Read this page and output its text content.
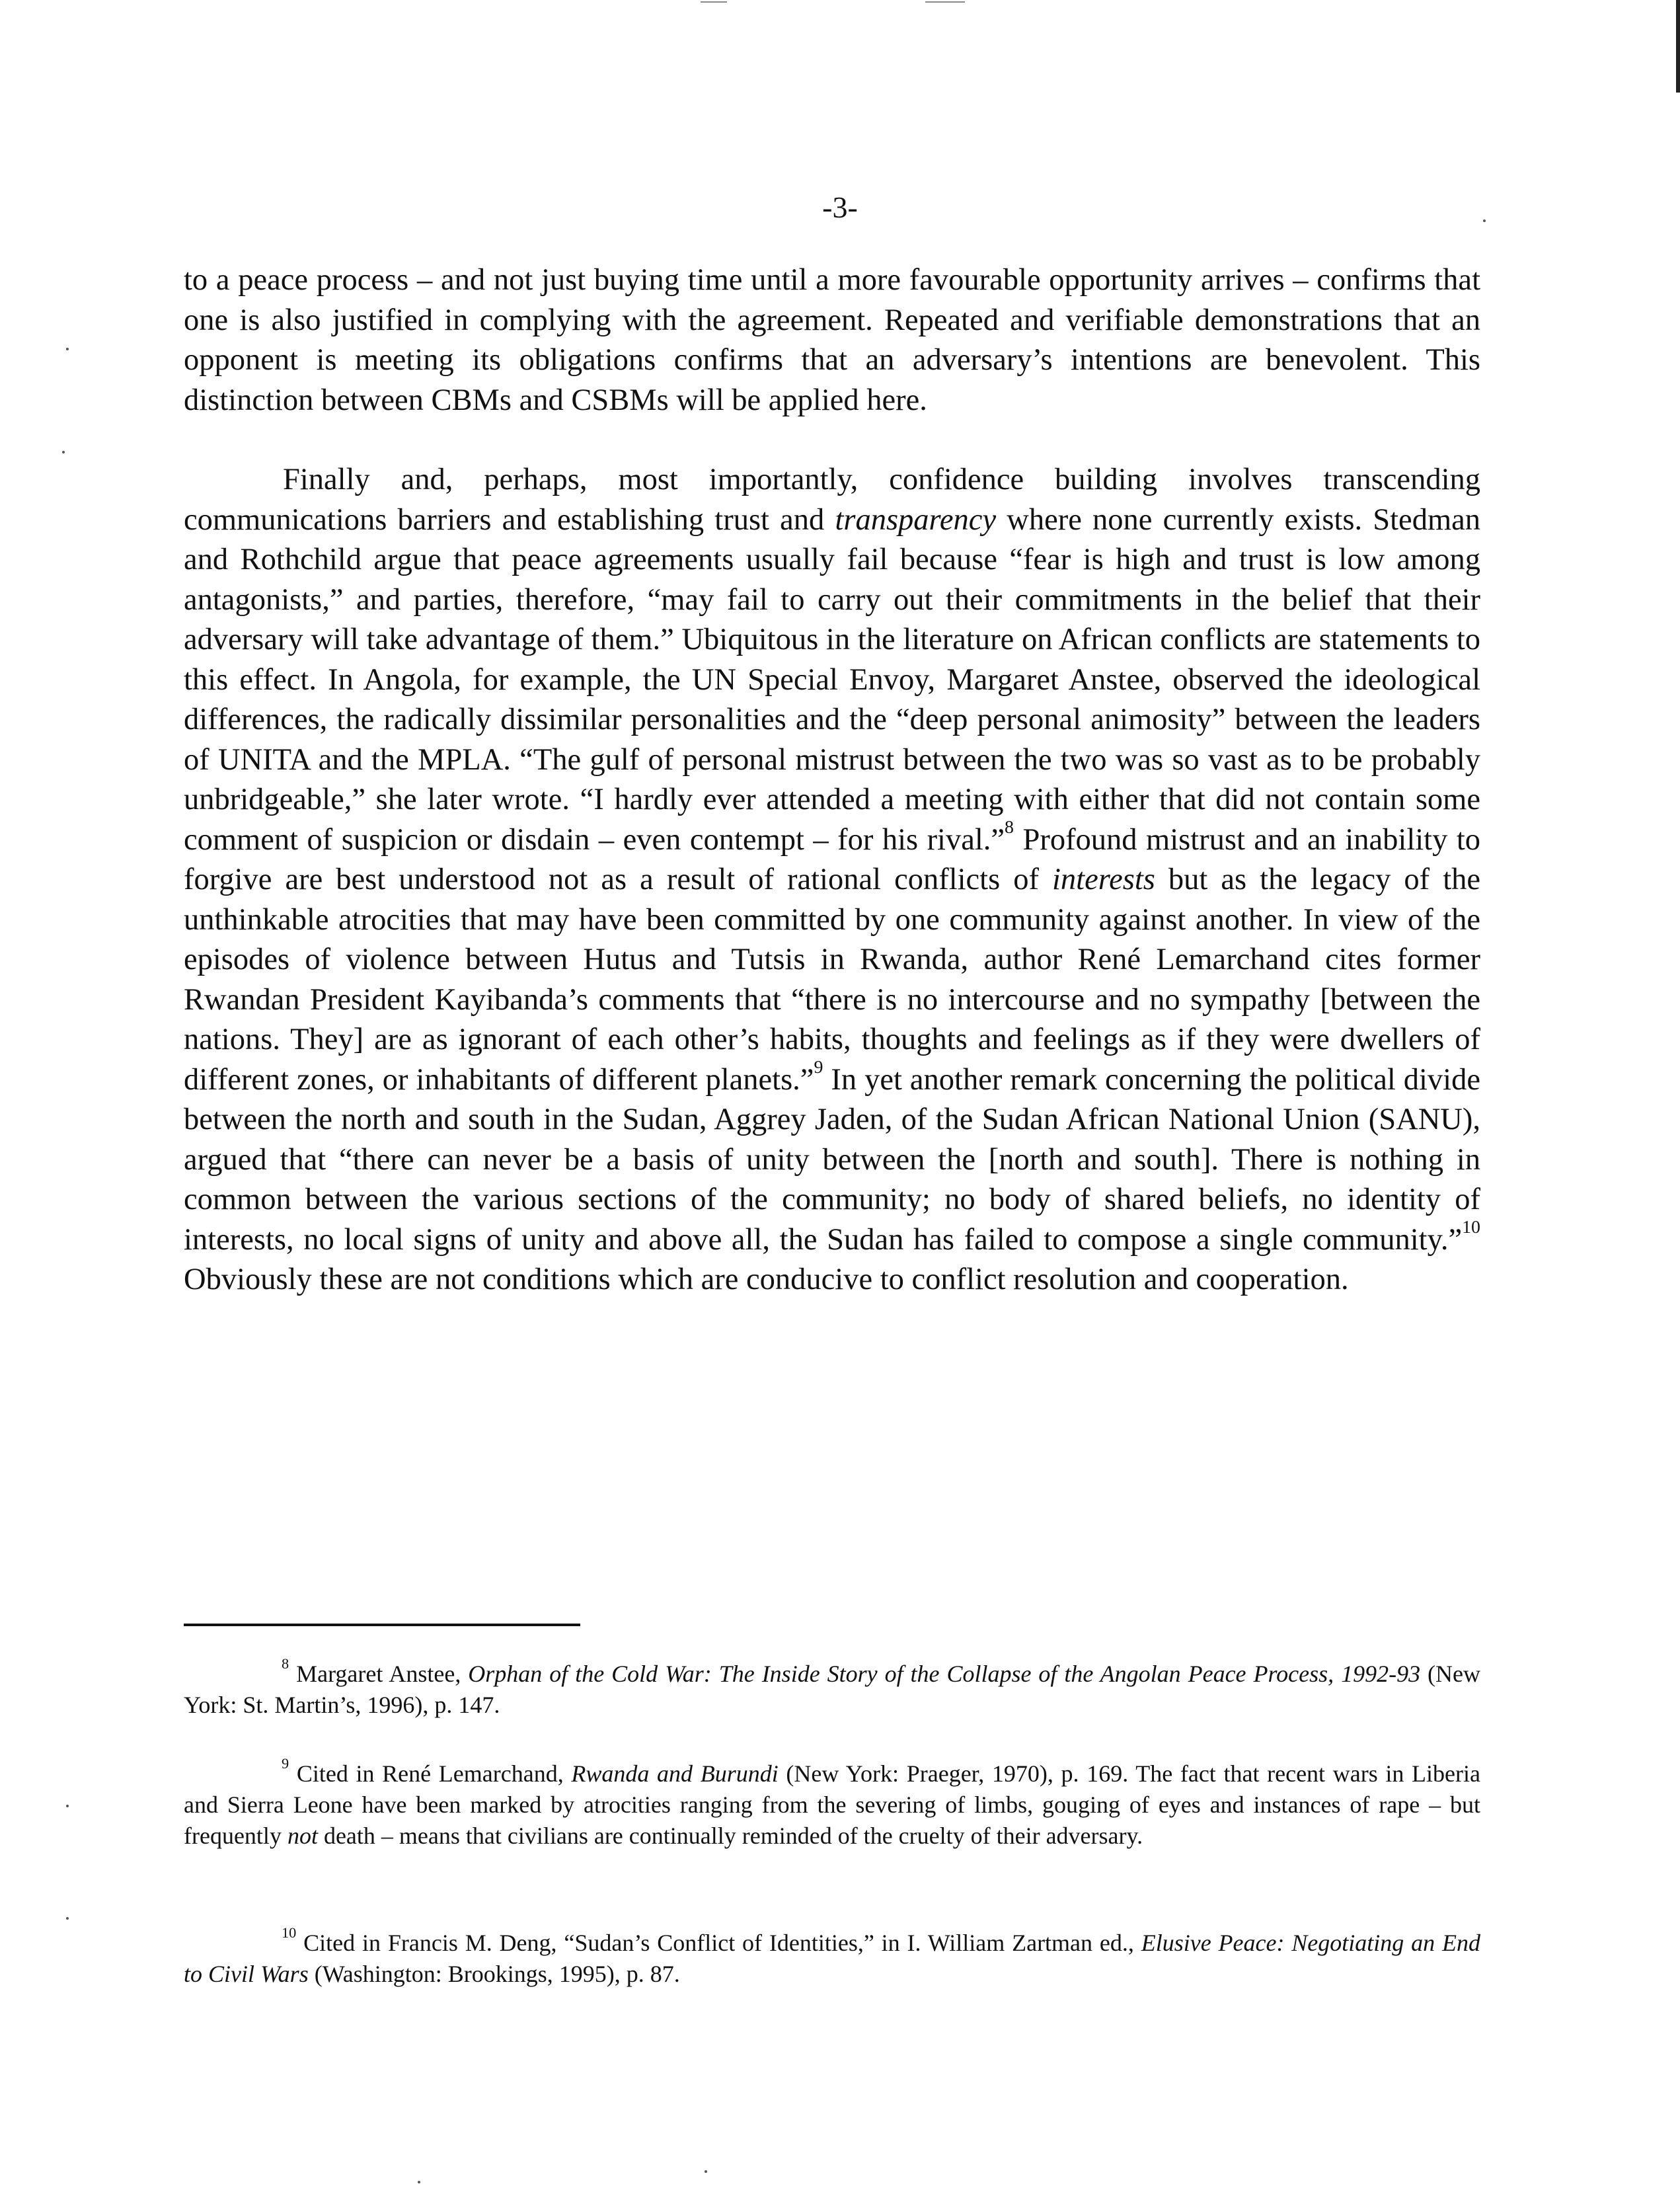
-3-

to a peace process – and not just buying time until a more favourable opportunity arrives – confirms that one is also justified in complying with the agreement. Repeated and verifiable demonstrations that an opponent is meeting its obligations confirms that an adversary’s intentions are benevolent. This distinction between CBMs and CSBMs will be applied here.

Finally and, perhaps, most importantly, confidence building involves transcending communications barriers and establishing trust and transparency where none currently exists. Stedman and Rothchild argue that peace agreements usually fail because “fear is high and trust is low among antagonists,” and parties, therefore, “may fail to carry out their commitments in the belief that their adversary will take advantage of them.” Ubiquitous in the literature on African conflicts are statements to this effect. In Angola, for example, the UN Special Envoy, Margaret Anstee, observed the ideological differences, the radically dissimilar personalities and the “deep personal animosity” between the leaders of UNITA and the MPLA. “The gulf of personal mistrust between the two was so vast as to be probably unbridgeable,” she later wrote. “I hardly ever attended a meeting with either that did not contain some comment of suspicion or disdain – even contempt – for his rival.”$^8$ Profound mistrust and an inability to forgive are best understood not as a result of rational conflicts of interests but as the legacy of the unthinkable atrocities that may have been committed by one community against another. In view of the episodes of violence between Hutus and Tutsis in Rwanda, author René Lemarchand cites former Rwandan President Kayibanda’s comments that “there is no intercourse and no sympathy [between the nations. They] are as ignorant of each other’s habits, thoughts and feelings as if they were dwellers of different zones, or inhabitants of different planets.”$^9$ In yet another remark concerning the political divide between the north and south in the Sudan, Aggrey Jaden, of the Sudan African National Union (SANU), argued that “there can never be a basis of unity between the [north and south]. There is nothing in common between the various sections of the community; no body of shared beliefs, no identity of interests, no local signs of unity and above all, the Sudan has failed to compose a single community.”$^{10}$ Obviously these are not conditions which are conducive to conflict resolution and cooperation.

$^8$ Margaret Anstee, Orphan of the Cold War: The Inside Story of the Collapse of the Angolan Peace Process, 1992-93 (New York: St. Martin’s, 1996), p. 147.

$^9$ Cited in René Lemarchand, Rwanda and Burundi (New York: Praeger, 1970), p. 169. The fact that recent wars in Liberia and Sierra Leone have been marked by atrocities ranging from the severing of limbs, gouging of eyes and instances of rape – but frequently not death – means that civilians are continually reminded of the cruelty of their adversary.

$^{10}$ Cited in Francis M. Deng, “Sudan’s Conflict of Identities,” in I. William Zartman ed., Elusive Peace: Negotiating an End to Civil Wars (Washington: Brookings, 1995), p. 87.
